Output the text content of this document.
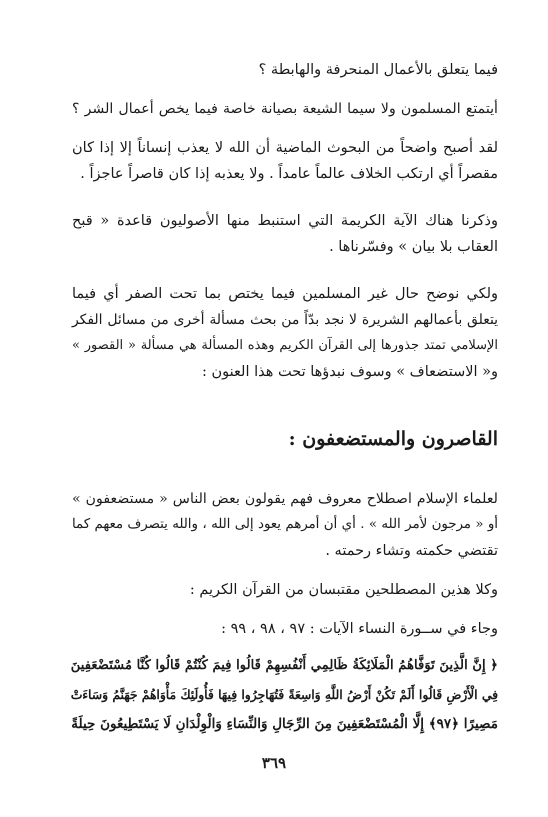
فيما يتعلق بالأعمال المنحرفة والهابطة ؟
أيتمتع المسلمون ولا سيما الشيعة بصيانة خاصة فيما يخص أعمال الشر ؟
لقد أصبح واضحاً من البحوث الماضية أن الله لا يعذب إنساناً إلا إذا كان
مقصراً أي ارتكب الخلاف عالماً عامداً . ولا يعذبه إذا كان قاصراً عاجزاً .
وذكرنا هناك الآية الكريمة التي استنبط منها الأصوليون قاعدة « قبح
العقاب بلا بيان » وفسّرناها .
ولكي نوضح حال غير المسلمين فيما يختص بما تحت الصفر أي فيما
يتعلق بأعمالهم الشريرة لا نجد بدّاً من بحث مسألة أخرى من مسائل الفكر
الإسلامي تمتد جذورها إلى القرآن الكريم وهذه المسألة هي مسألة « القصور »
و« الاستضعاف » وسوف نبدؤها تحت هذا العنون :
القاصرون والمستضعفون :
لعلماء الإسلام اصطلاح معروف فهم يقولون بعض الناس « مستضعفون »
أو « مرجون لأمر الله » . أي أن أمرهم يعود إلى الله ، والله يتصرف معهم كما
تقتضي حكمته وتشاء رحمته .
وكلا هذين المصطلحين مقتبسان من القرآن الكريم :
وجاء في ســورة النساء الآيات : ٩٧ ، ٩٨ ، ٩٩ :
﴿ إِنَّ الَّذِينَ تَوَفَّاهُمُ الْمَلَائِكَةُ ظَالِمِي أَنْفُسِهِمْ قَالُوا فِيمَ كُنْتُمْ قَالُوا كُنَّا مُسْتَضْعَفِينَ
فِي الْأَرْضِ قَالُوا أَلَمْ تَكُنْ أَرْضُ اللَّهِ وَاسِعَةً فَتُهَاجِرُوا فِيهَا فَأُولَئِكَ مَأْوَاهُمْ جَهَنَّمُ وَسَاءَتْ
مَصِيرًا ﴿٩٧﴾ إِلَّا الْمُسْتَضْعَفِينَ مِنَ الرِّجَالِ وَالنِّسَاءِ وَالْوِلْدَانِ لَا يَسْتَطِيعُونَ حِيلَةً
٣٦٩
